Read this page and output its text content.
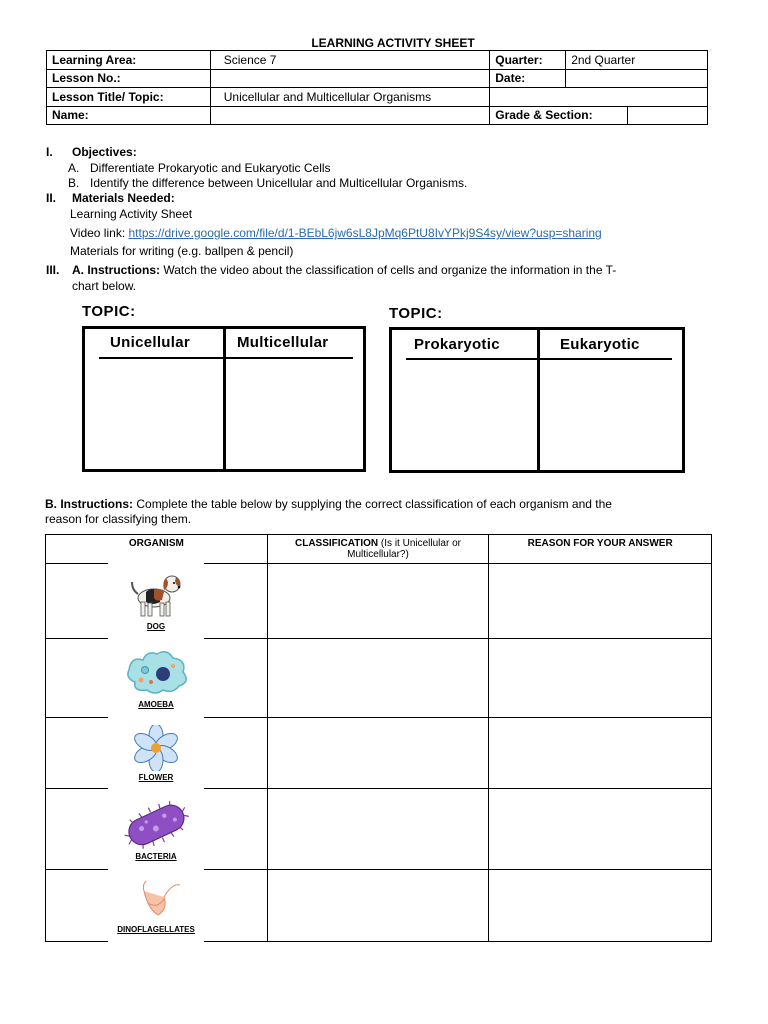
LEARNING ACTIVITY SHEET
Learning Area:	Science 7	Quarter:	2nd Quarter	
Lesson No.:		Date:		
Lesson Title/ Topic:	Unicellular and Multicellular Organisms			
Name:		Grade & Section:		
I. Objectives:
A. Differentiate Prokaryotic and Eukaryotic Cells
B. Identify the difference between Unicellular and Multicellular Organisms.
II. Materials Needed:
Learning Activity Sheet
Video link: https://drive.google.com/file/d/1-BEbL6jw6sL8JpMq6PtU8IvYPkj9S4sy/view?usp=sharing
Materials for writing (e.g. ballpen & pencil)
III. A. Instructions: Watch the video about the classification of cells and organize the information in the T-
chart below.
TOPIC:
Unicellular	Multicellular
TOPIC:
Prokaryotic	Eukaryotic
B. Instructions: Complete the table below by supplying the correct classification of each organism and the
reason for classifying them.
ORGANISM	CLASSIFICATION (Is it Unicellular or
Multicellular?)	REASON FOR YOUR ANSWER

DOG		

AMOEBA		

FLOWER		

BACTERIA		

DINOFLAGELLATES		
